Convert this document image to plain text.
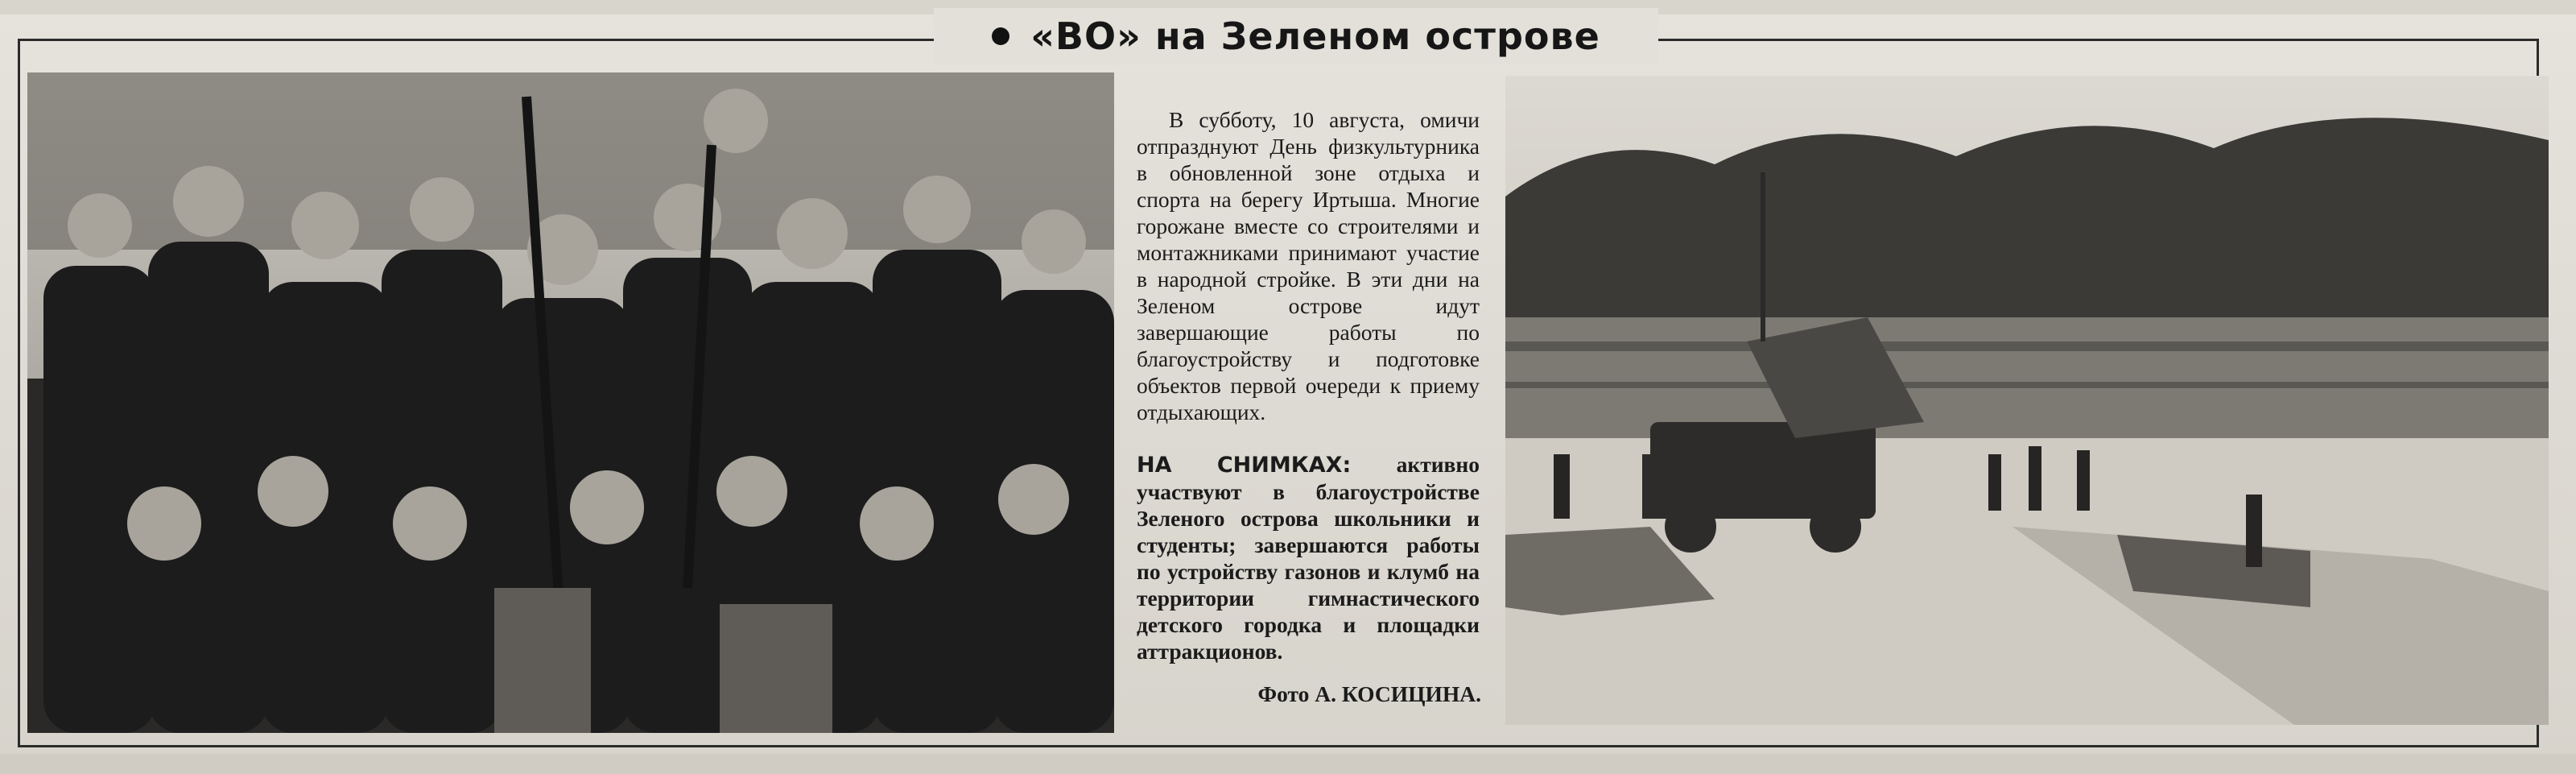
«ВО» на Зеленом острове

В субботу, 10 августа, омичи отпразднуют День физкультурника в обновленной зоне отдыха и спорта на берегу Иртыша. Многие горожане вместе со строителями и монтажниками принимают участие в народной стройке. В эти дни на Зеленом острове идут завершающие работы по благоустройству и подготовке объектов первой очереди к приему отдыхающих.

НА СНИМКАХ: активно участвуют в благоустройстве Зеленого острова школьники и студенты; завершаются работы по устройству газонов и клумб на территории гимнастического детского городка и площадки аттракционов.
Фото А. КОСИЦИНА.
